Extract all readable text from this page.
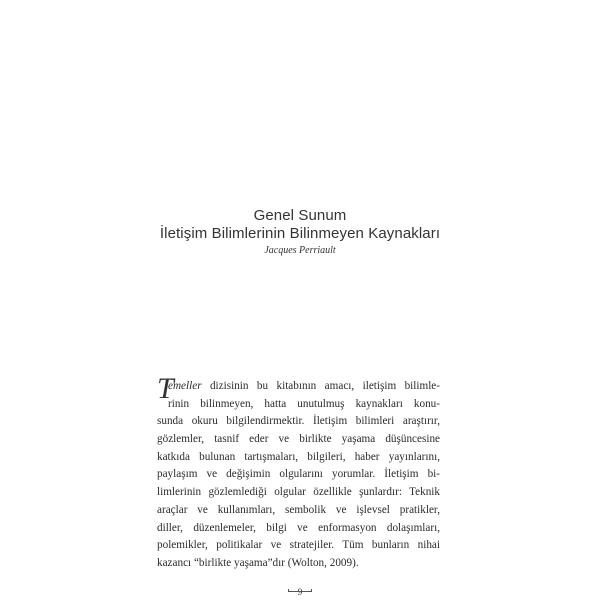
Genel Sunum
İletişim Bilimlerinin Bilinmeyen Kaynakları
Jacques Perriault
T
emeller dizisinin bu kitabının amacı, iletişim bilimle-
rinin bilinmeyen, hatta unutulmuş kaynakları konu-
sunda okuru bilgilendirmektir. İletişim bilimleri araştırır,
gözlemler, tasnif eder ve birlikte yaşama düşüncesine
katkıda bulunan tartışmaları, bilgileri, haber yayınlarını,
paylaşım ve değişimin olgularını yorumlar. İletişim bi-
limlerinin gözlemlediği olgular özellikle şunlardır: Teknik
araçlar ve kullanımları, sembolik ve işlevsel pratikler,
diller, düzenlemeler, bilgi ve enformasyon dolaşımları,
polemikler, politikalar ve stratejiler. Tüm bunların nihai
kazancı “birlikte yaşama”dır (Wolton, 2009).
9
